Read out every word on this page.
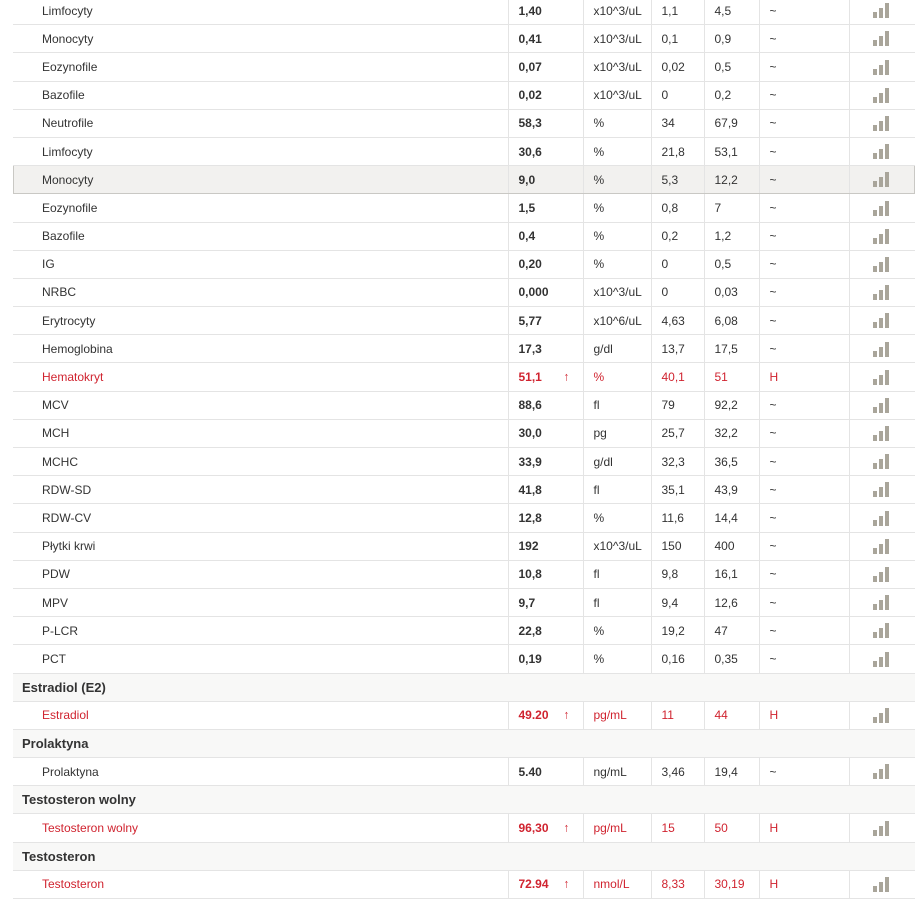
Limfocyty	1,40	x10^3/uL	1,1	4,5	~	

Monocyty	0,41	x10^3/uL	0,1	0,9	~	

Eozynofile	0,07	x10^3/uL	0,02	0,5	~	

Bazofile	0,02	x10^3/uL	0	0,2	~	

Neutrofile	58,3	%	34	67,9	~	

Limfocyty	30,6	%	21,8	53,1	~	

Monocyty	9,0	%	5,3	12,2	~	

Eozynofile	1,5	%	0,8	7	~	

Bazofile	0,4	%	0,2	1,2	~	

IG	0,20	%	0	0,5	~	

NRBC	0,000	x10^3/uL	0	0,03	~	

Erytrocyty	5,77	x10^6/uL	4,63	6,08	~	

Hemoglobina	17,3	g/dl	13,7	17,5	~	

Hematokryt	51,1 ↑	%	40,1	51	H	

MCV	88,6	fl	79	92,2	~	

MCH	30,0	pg	25,7	32,2	~	

MCHC	33,9	g/dl	32,3	36,5	~	

RDW-SD	41,8	fl	35,1	43,9	~	

RDW-CV	12,8	%	11,6	14,4	~	

Płytki krwi	192	x10^3/uL	150	400	~	

PDW	10,8	fl	9,8	16,1	~	

MPV	9,7	fl	9,4	12,6	~	

P-LCR	22,8	%	19,2	47	~	

PCT	0,19	%	0,16	0,35	~	

Estradiol (E2)						
Estradiol	49.20 ↑	pg/mL	11	44	H	

Prolaktyna						
Prolaktyna	5.40	ng/mL	3,46	19,4	~	

Testosteron wolny						
Testosteron wolny	96,30 ↑	pg/mL	15	50	H	

Testosteron						
Testosteron	72.94 ↑	nmol/L	8,33	30,19	H	
